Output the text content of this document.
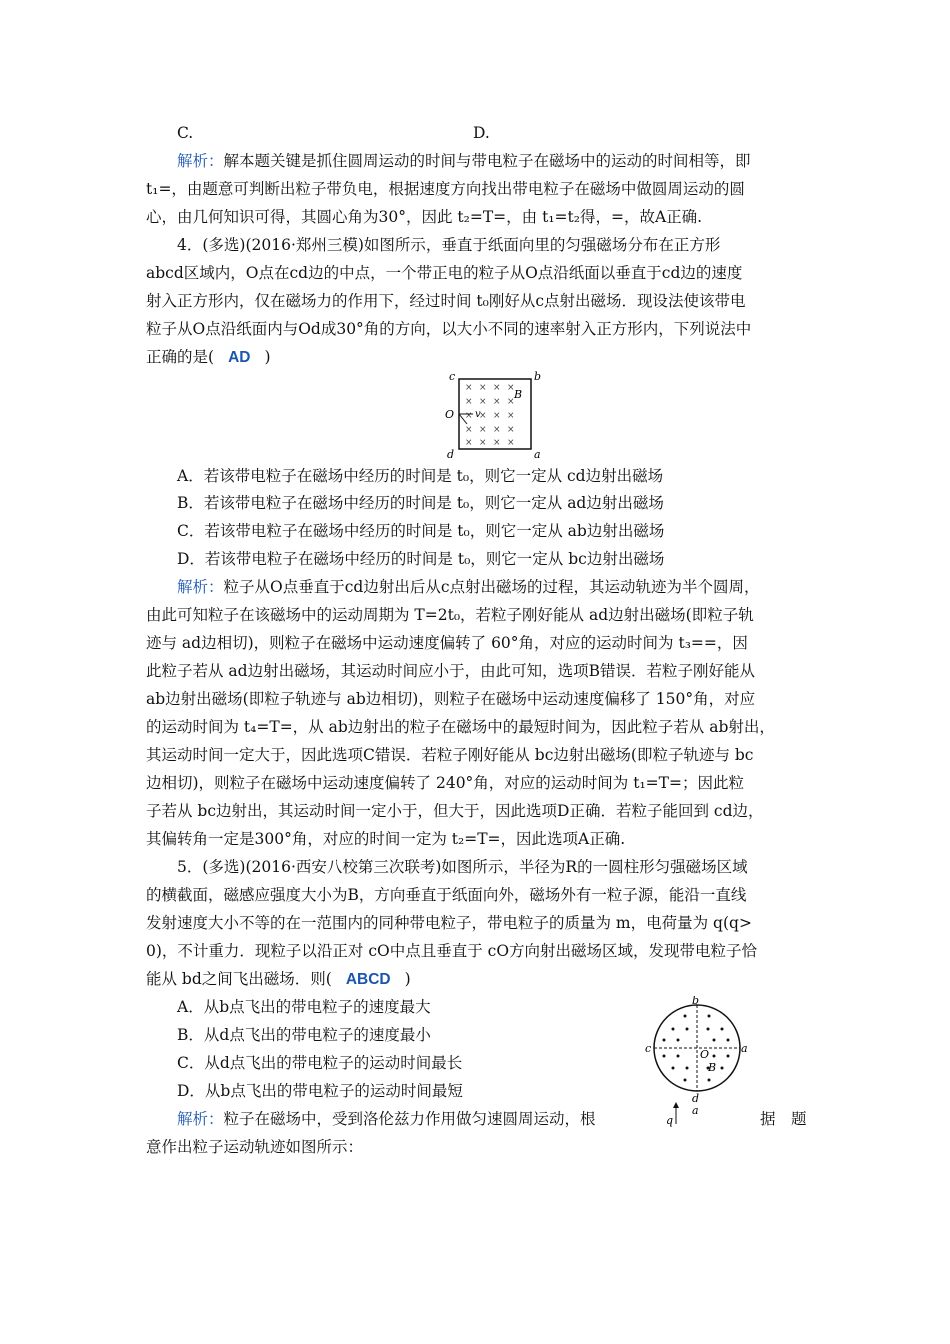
C.	D.
解析：解本题关键是抓住圆周运动的时间与带电粒子在磁场中的运动的时间相等，即
t₁=，由题意可判断出粒子带负电，根据速度方向找出带电粒子在磁场中做圆周运动的圆
心，由几何知识可得，其圆心角为30°，因此 t₂=T=，由 t₁=t₂得，=，故A正确.
4．(多选)(2016·郑州三模)如图所示，垂直于纸面向里的匀强磁场分布在正方形
abcd区域内，O点在cd边的中点，一个带正电的粒子从O点沿纸面以垂直于cd边的速度
射入正方形内，仅在磁场力的作用下，经过时间 t₀刚好从c点射出磁场．现设法使该带电
粒子从O点沿纸面内与Od成30°角的方向，以大小不同的速率射入正方形内，下列说法中
正确的是( AD )
× × × ×
× × × ×
× × × ×
× × × ×
× × × ×
c	b
d	a
O v
B
A．若该带电粒子在磁场中经历的时间是 t₀，则它一定从 cd边射出磁场
B．若该带电粒子在磁场中经历的时间是 t₀，则它一定从 ad边射出磁场
C．若该带电粒子在磁场中经历的时间是 t₀，则它一定从 ab边射出磁场
D．若该带电粒子在磁场中经历的时间是 t₀，则它一定从 bc边射出磁场
解析：粒子从O点垂直于cd边射出后从c点射出磁场的过程，其运动轨迹为半个圆周，
由此可知粒子在该磁场中的运动周期为 T=2t₀，若粒子刚好能从 ad边射出磁场(即粒子轨
迹与 ad边相切)，则粒子在磁场中运动速度偏转了 60°角，对应的运动时间为 t₃==，因
此粒子若从 ad边射出磁场，其运动时间应小于，由此可知，选项B错误．若粒子刚好能从
ab边射出磁场(即粒子轨迹与 ab边相切)，则粒子在磁场中运动速度偏移了 150°角，对应
的运动时间为 t₄=T=，从 ab边射出的粒子在磁场中的最短时间为，因此粒子若从 ab射出，
其运动时间一定大于，因此选项C错误．若粒子刚好能从 bc边射出磁场(即粒子轨迹与 bc
边相切)，则粒子在磁场中运动速度偏转了 240°角，对应的运动时间为 t₁=T=；因此粒
子若从 bc边射出，其运动时间一定小于，但大于，因此选项D正确．若粒子能回到 cd边，
其偏转角一定是300°角，对应的时间一定为 t₂=T=，因此选项A正确.
5．(多选)(2016·西安八校第三次联考)如图所示，半径为R的一圆柱形匀强磁场区域
的横截面，磁感应强度大小为B，方向垂直于纸面向外，磁场外有一粒子源，能沿一直线
发射速度大小不等的在一范围内的同种带电粒子，带电粒子的质量为 m，电荷量为 q(q>
0)，不计重力．现粒子以沿正对 cO中点且垂直于 cO方向射出磁场区域，发现带电粒子恰
能从 bd之间飞出磁场．则( ABCD )
A．从b点飞出的带电粒子的速度最大
B．从d点飞出的带电粒子的速度最小
C．从d点飞出的带电粒子的运动时间最长
D．从b点飞出的带电粒子的运动时间最短
b
c	a
d
O
B
a
q
解析：粒子在磁场中，受到洛伦兹力作用做匀速圆周运动，根	据　题
意作出粒子运动轨迹如图所示：
